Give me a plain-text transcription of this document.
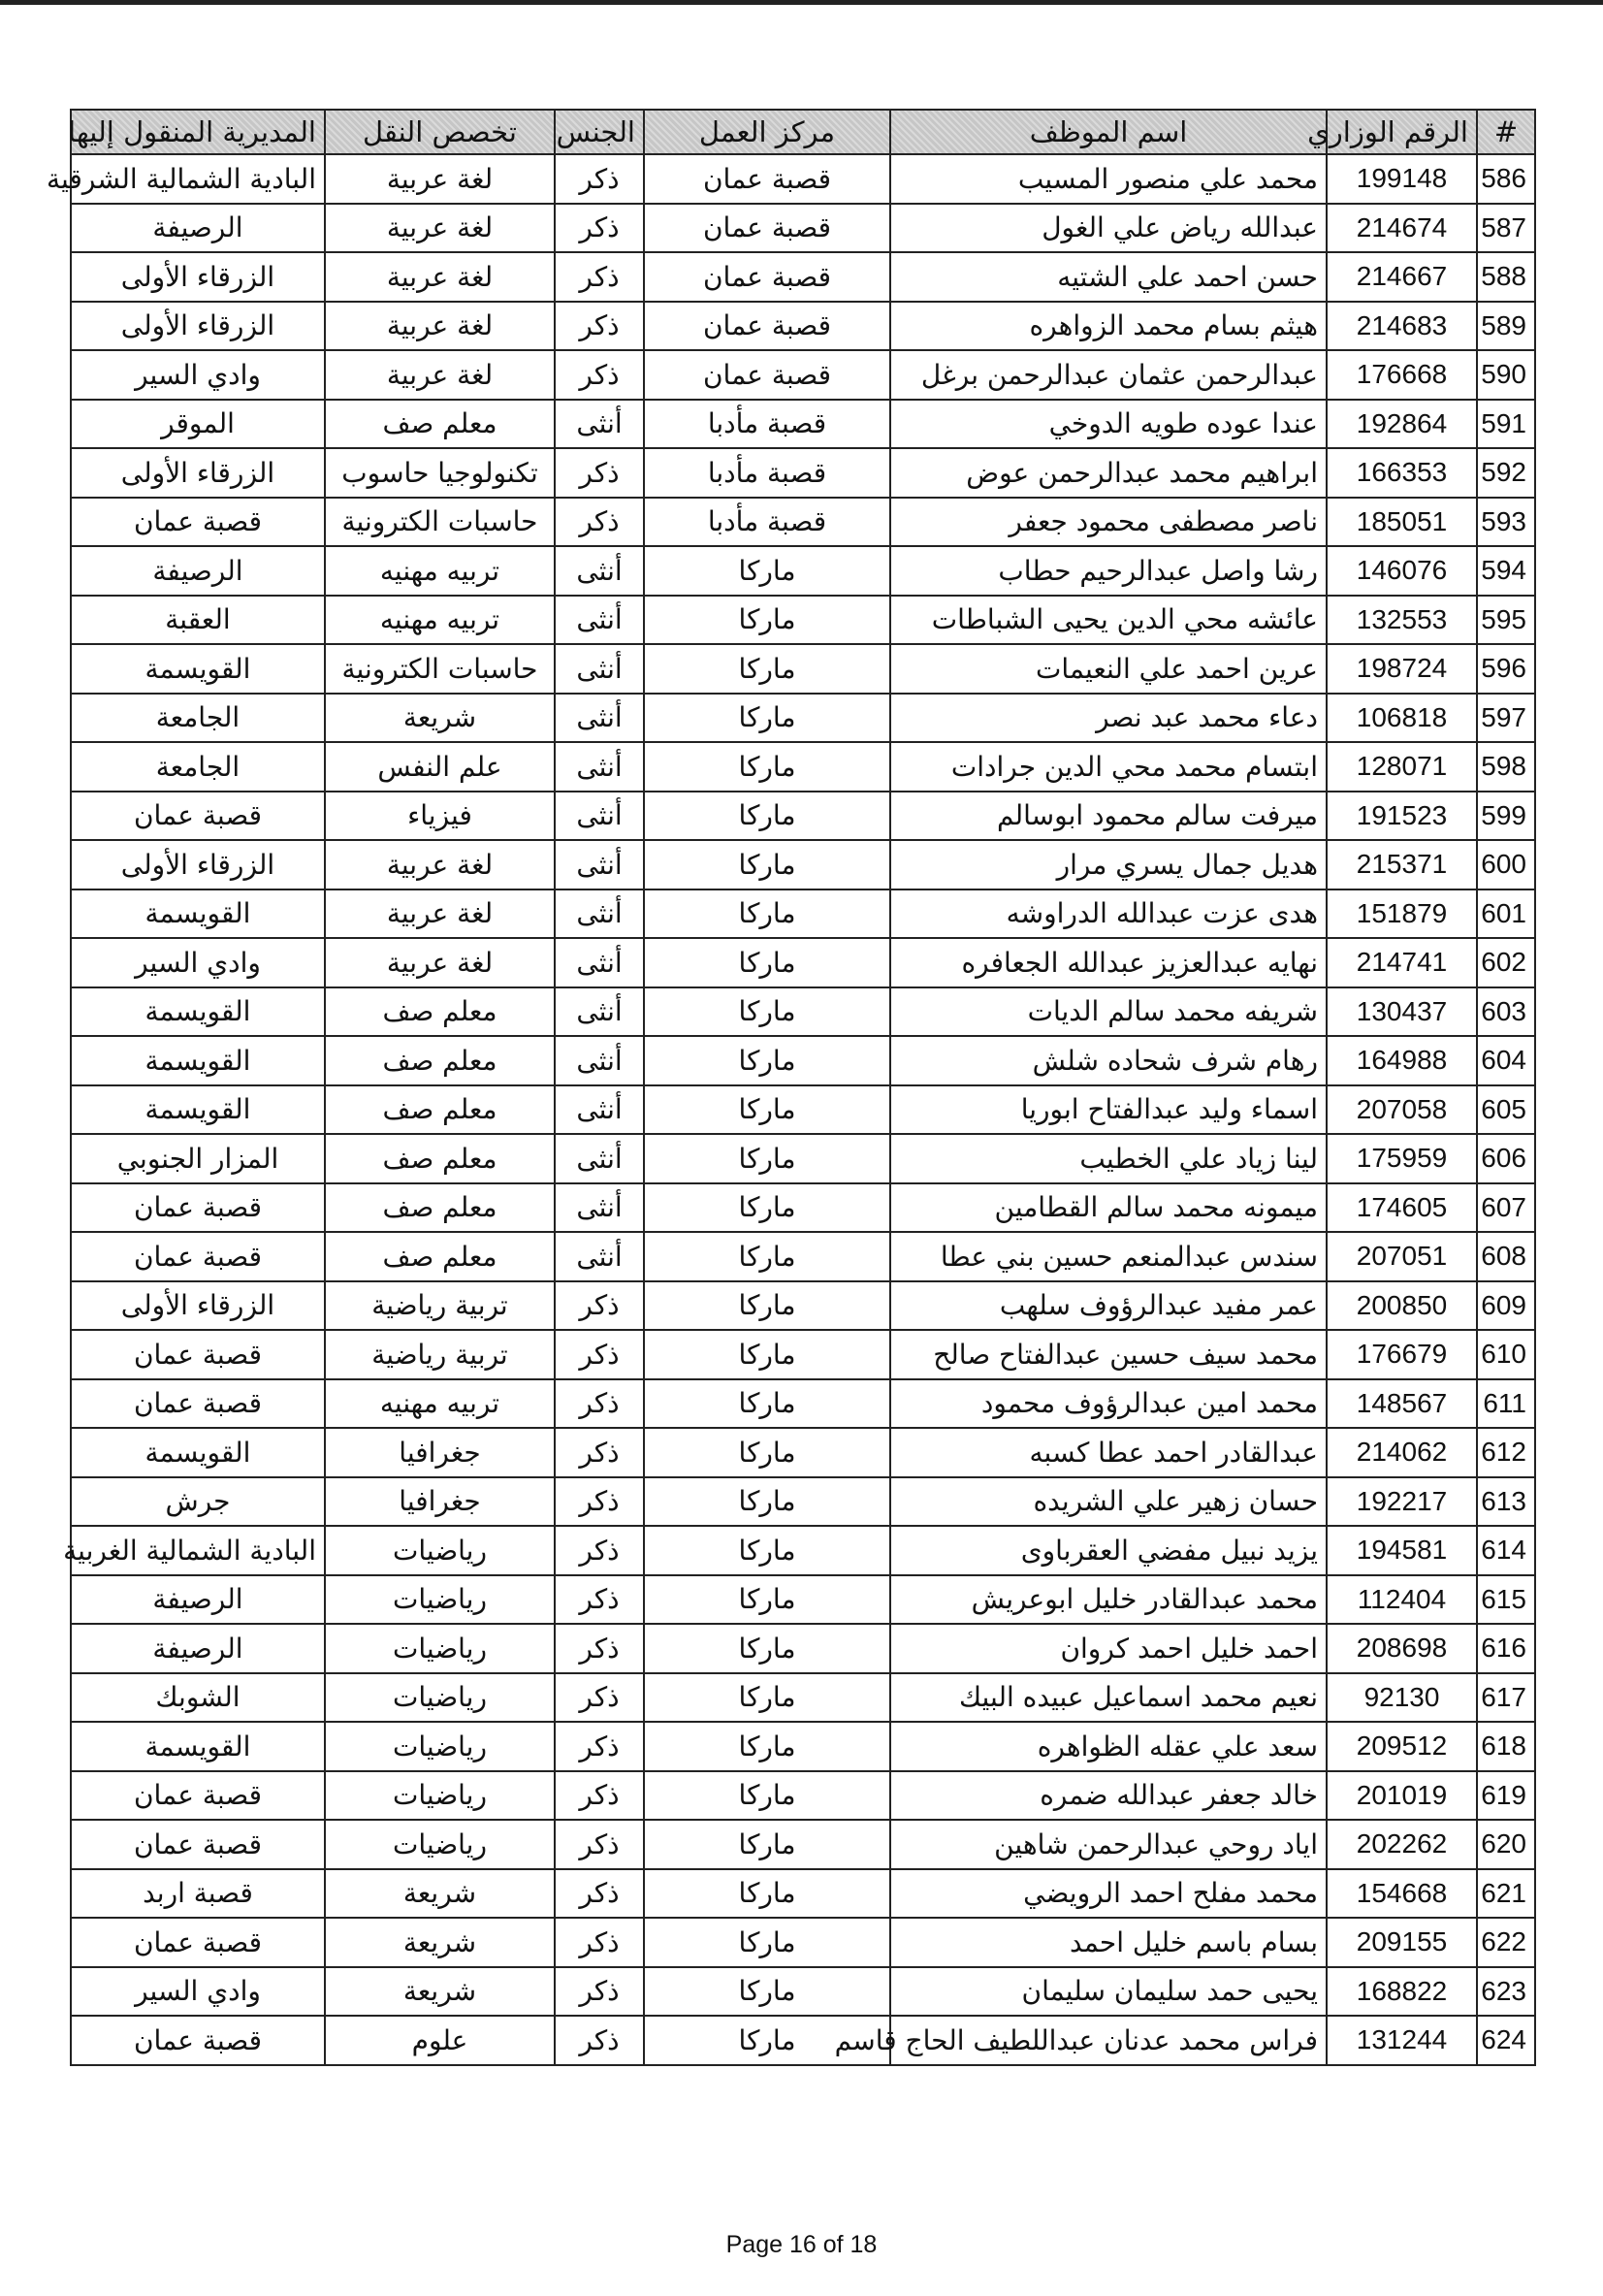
#	الرقم الوزاري	اسم الموظف	مركز العمل	الجنس	تخصص النقل	المديرية المنقول إليها
586	199148	محمد علي منصور المسيب	قصبة عمان	ذكر	لغة عربية	البادية الشمالية الشرقية
587	214674	عبدالله رياض علي الغول	قصبة عمان	ذكر	لغة عربية	الرصيفة
588	214667	حسن احمد علي الشتيه	قصبة عمان	ذكر	لغة عربية	الزرقاء الأولى
589	214683	هيثم بسام محمد الزواهره	قصبة عمان	ذكر	لغة عربية	الزرقاء الأولى
590	176668	عبدالرحمن عثمان عبدالرحمن برغل	قصبة عمان	ذكر	لغة عربية	وادي السير
591	192864	عندا عوده طويه الدوخي	قصبة مأدبا	أنثى	معلم صف	الموقر
592	166353	ابراهيم محمد عبدالرحمن عوض	قصبة مأدبا	ذكر	تكنولوجيا حاسوب	الزرقاء الأولى
593	185051	ناصر مصطفى محمود جعفر	قصبة مأدبا	ذكر	حاسبات الكترونية	قصبة عمان
594	146076	رشا واصل عبدالرحيم حطاب	ماركا	أنثى	تربيه مهنيه	الرصيفة
595	132553	عائشه محي الدين يحيى الشباطات	ماركا	أنثى	تربيه مهنيه	العقبة
596	198724	عرين احمد علي النعيمات	ماركا	أنثى	حاسبات الكترونية	القويسمة
597	106818	دعاء محمد عبد نصر	ماركا	أنثى	شريعة	الجامعة
598	128071	ابتسام محمد محي الدين جرادات	ماركا	أنثى	علم النفس	الجامعة
599	191523	ميرفت سالم محمود ابوسالم	ماركا	أنثى	فيزياء	قصبة عمان
600	215371	هديل جمال يسري مرار	ماركا	أنثى	لغة عربية	الزرقاء الأولى
601	151879	هدى عزت عبدالله الدراوشه	ماركا	أنثى	لغة عربية	القويسمة
602	214741	نهايه عبدالعزيز عبدالله الجعافره	ماركا	أنثى	لغة عربية	وادي السير
603	130437	شريفه محمد سالم الديات	ماركا	أنثى	معلم صف	القويسمة
604	164988	رهام شرف شحاده شلش	ماركا	أنثى	معلم صف	القويسمة
605	207058	اسماء وليد عبدالفتاح ابوريا	ماركا	أنثى	معلم صف	القويسمة
606	175959	لينا زياد علي الخطيب	ماركا	أنثى	معلم صف	المزار الجنوبي
607	174605	ميمونه محمد سالم القطامين	ماركا	أنثى	معلم صف	قصبة عمان
608	207051	سندس عبدالمنعم حسين بني عطا	ماركا	أنثى	معلم صف	قصبة عمان
609	200850	عمر مفيد عبدالرؤوف سلهب	ماركا	ذكر	تربية رياضية	الزرقاء الأولى
610	176679	محمد سيف حسين عبدالفتاح صالح	ماركا	ذكر	تربية رياضية	قصبة عمان
611	148567	محمد امين عبدالرؤوف محمود	ماركا	ذكر	تربيه مهنيه	قصبة عمان
612	214062	عبدالقادر احمد عطا كسبه	ماركا	ذكر	جغرافيا	القويسمة
613	192217	حسان زهير علي الشريده	ماركا	ذكر	جغرافيا	جرش
614	194581	يزيد نبيل مفضي العقرباوى	ماركا	ذكر	رياضيات	البادية الشمالية الغربية
615	112404	محمد عبدالقادر خليل ابوعريش	ماركا	ذكر	رياضيات	الرصيفة
616	208698	احمد خليل احمد كروان	ماركا	ذكر	رياضيات	الرصيفة
617	92130	نعيم محمد اسماعيل عبيده البيك	ماركا	ذكر	رياضيات	الشوبك
618	209512	سعد علي عقله الظواهره	ماركا	ذكر	رياضيات	القويسمة
619	201019	خالد جعفر عبدالله ضمره	ماركا	ذكر	رياضيات	قصبة عمان
620	202262	اياد روحي عبدالرحمن شاهين	ماركا	ذكر	رياضيات	قصبة عمان
621	154668	محمد مفلح احمد الرويضي	ماركا	ذكر	شريعة	قصبة اربد
622	209155	بسام باسم خليل احمد	ماركا	ذكر	شريعة	قصبة عمان
623	168822	يحيى حمد سليمان سليمان	ماركا	ذكر	شريعة	وادي السير
624	131244	فراس محمد عدنان عبداللطيف الحاج قاسم	ماركا	ذكر	علوم	قصبة عمان
Page 16 of 18
